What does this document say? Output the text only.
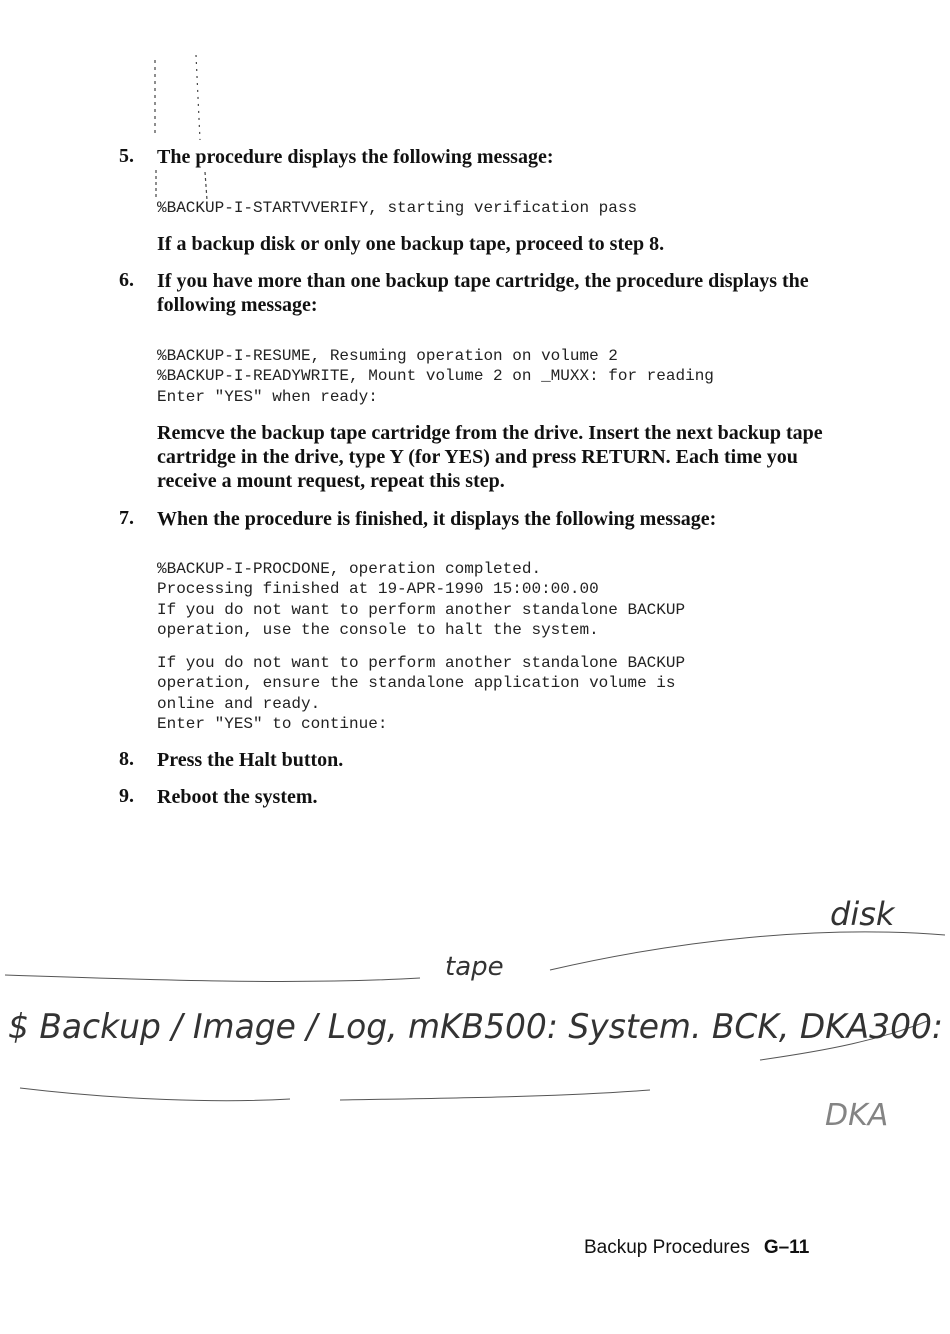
5. The procedure displays the following message:
%BACKUP-I-STARTVVERIFY, starting verification pass
If a backup disk or only one backup tape, proceed to step 8.
6. If you have more than one backup tape cartridge, the procedure displays the following message:
%BACKUP-I-RESUME, Resuming operation on volume 2
%BACKUP-I-READYWRITE, Mount volume 2 on _MUXX: for reading
Enter "YES" when ready:
Remcve the backup tape cartridge from the drive. Insert the next backup tape cartridge in the drive, type Y (for YES) and press RETURN. Each time you receive a mount request, repeat this step.
7. When the procedure is finished, it displays the following message:
%BACKUP-I-PROCDONE, operation completed.
Processing finished at 19-APR-1990 15:00:00.00
If you do not want to perform another standalone BACKUP
operation, use the console to halt the system.
If you do not want to perform another standalone BACKUP
operation, ensure the standalone application volume is
online and ready.
Enter "YES" to continue:
8. Press the Halt button.
9. Reboot the system.
Backup Procedures G–11
tape
disk
$ Backup / Image / Log, mKB500: System. BCK, DKA300:
DKA
